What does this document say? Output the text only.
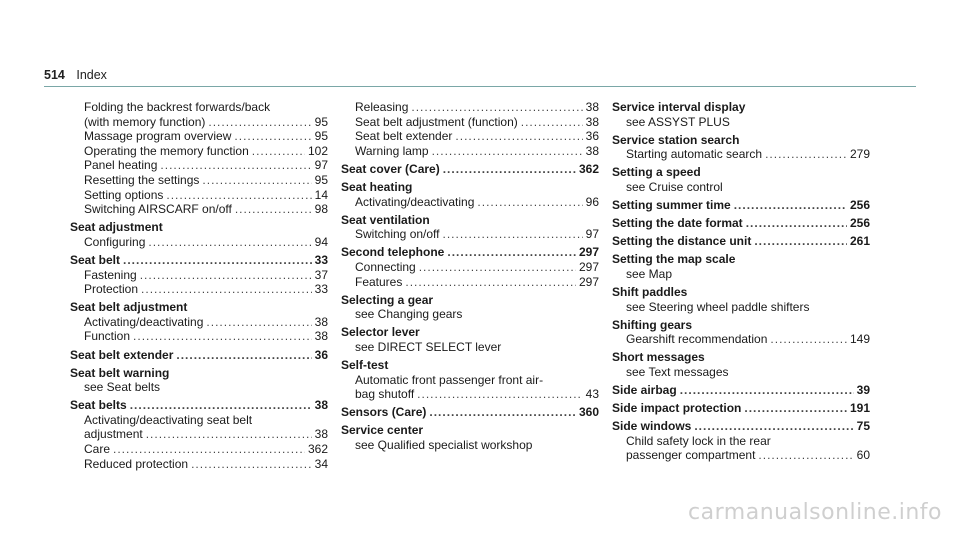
514 Index
Folding the backrest forwards/back
(with memory function) .....	95
Massage program overview .....	95
Operating the memory function .....	102
Panel heating .....	97
Resetting the settings .....	95
Setting options .....	14
Switching AIRSCARF on/off .....	98
Seat adjustment
Configuring .....	94
Seat belt .....	33
Fastening .....	37
Protection .....	33
Seat belt adjustment
Activating/deactivating .....	38
Function .....	38
Seat belt extender .....	36
Seat belt warning
see Seat belts
Seat belts .....	38
Activating/deactivating seat belt
adjustment .....	38
Care .....	362
Reduced protection .....	34
Releasing .....	38
Seat belt adjustment (function) .....	38
Seat belt extender .....	36
Warning lamp .....	38
Seat cover (Care) .....	362
Seat heating
Activating/deactivating .....	96
Seat ventilation
Switching on/off .....	97
Second telephone .....	297
Connecting .....	297
Features .....	297
Selecting a gear
see Changing gears
Selector lever
see DIRECT SELECT lever
Self-test
Automatic front passenger front air-
bag shutoff .....	43
Sensors (Care) .....	360
Service center
see Qualified specialist workshop
Service interval display
see ASSYST PLUS
Service station search
Starting automatic search .....	279
Setting a speed
see Cruise control
Setting summer time .....	256
Setting the date format .....	256
Setting the distance unit .....	261
Setting the map scale
see Map
Shift paddles
see Steering wheel paddle shifters
Shifting gears
Gearshift recommendation .....	149
Short messages
see Text messages
Side airbag .....	39
Side impact protection .....	191
Side windows .....	75
Child safety lock in the rear
passenger compartment .....	60
carmanualsonline.info
